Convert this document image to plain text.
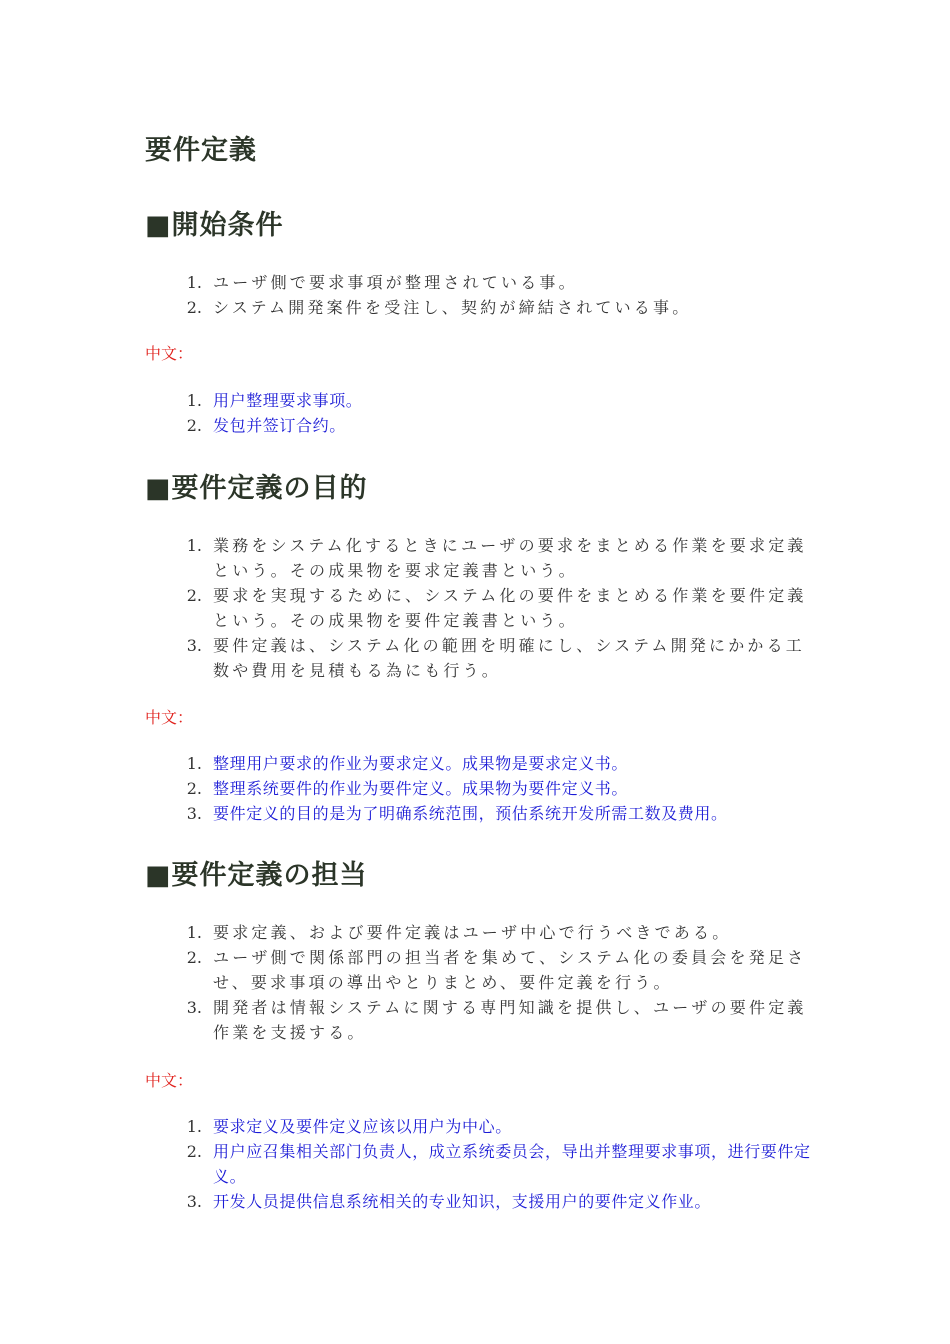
要件定義
■開始条件
1. ユーザ側で要求事項が整理されている事。
2. システム開発案件を受注し、契約が締結されている事。
中文：
1. 用户整理要求事项。
2. 发包并签订合约。
■要件定義の目的
1. 業務をシステム化するときにユーザの要求をまとめる作業を要求定義という。その成果物を要求定義書という。
2. 要求を実現するために、システム化の要件をまとめる作業を要件定義という。その成果物を要件定義書という。
3. 要件定義は、システム化の範囲を明確にし、システム開発にかかる工数や費用を見積もる為にも行う。
中文：
1. 整理用户要求的作业为要求定义。成果物是要求定义书。
2. 整理系统要件的作业为要件定义。成果物为要件定义书。
3. 要件定义的目的是为了明确系统范围，预估系统开发所需工数及费用。
■要件定義の担当
1. 要求定義、および要件定義はユーザ中心で行うべきである。
2. ユーザ側で関係部門の担当者を集めて、システム化の委員会を発足させ、要求事項の導出やとりまとめ、要件定義を行う。
3. 開発者は情報システムに関する専門知識を提供し、ユーザの要件定義作業を支援する。
中文：
1. 要求定义及要件定义应该以用户为中心。
2. 用户应召集相关部门负责人，成立系统委员会，导出并整理要求事项，进行要件定义。
3. 开发人员提供信息系统相关的专业知识，支援用户的要件定义作业。
